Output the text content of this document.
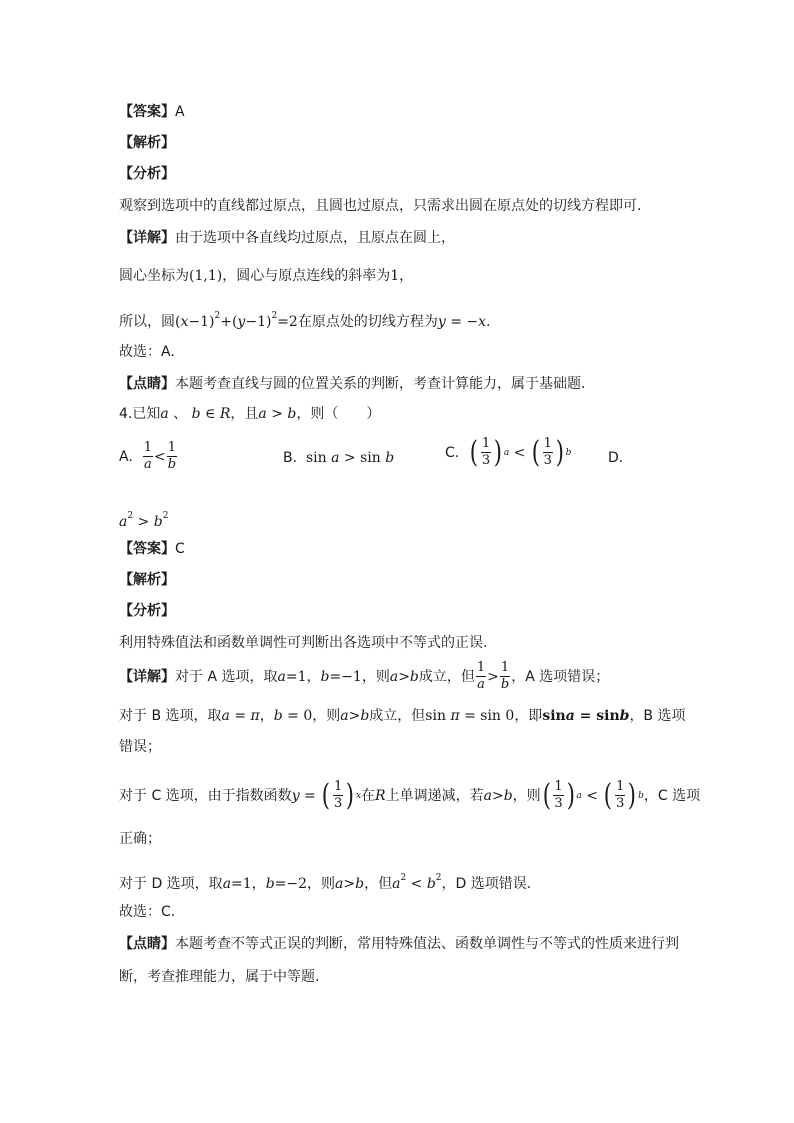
【答案】A
【解析】
【分析】
观察到选项中的直线都过原点，且圆也过原点，只需求出圆在原点处的切线方程即可.
【详解】由于选项中各直线均过原点，且原点在圆上，
圆心坐标为(1,1)，圆心与原点连线的斜率为1，
所以，圆$(x-1)^2+(y-1)^2=2$在原点处的切线方程为y = −x.
故选：A.
【点睛】本题考查直线与圆的位置关系的判断，考查计算能力，属于基础题.
4.已知a 、 b ∈ R，且a > b，则（　　）
A.
$\frac{1}{a} < \frac{1}{b}$	B.
sin a > sin b	C.
( $\frac{1}{3}$ ) a < ( $\frac{1}{3}$ ) b	D.
$a^2 > b^2$
【答案】C
【解析】
【分析】
利用特殊值法和函数单调性可判断出各选项中不等式的正误.
【详解】 对于 A 选项，取 a =1， b =−1 ，则 a > b 成立，但 $\frac{1}{a} > \frac{1}{b}$ ，A 选项错误；
对于 B 选项，取a = π，b = 0，则a>b成立，但sin π = sin 0，即sina = sinb，B 选项
错误；
对于 C 选项，由于指数函数 y = ( $\frac{1}{3}$ ) x 在 R 上单调递减，若 a > b ，则 ( $\frac{1}{3}$ ) a < ( $\frac{1}{3}$ ) b ，C 选项
正确；
对于 D 选项，取a=1，b=−2，则a>b，但$a^2 < b^2$，D 选项错误.
故选：C.
【点睛】本题考查不等式正误的判断，常用特殊值法、函数单调性与不等式的性质来进行判
断，考查推理能力，属于中等题.
